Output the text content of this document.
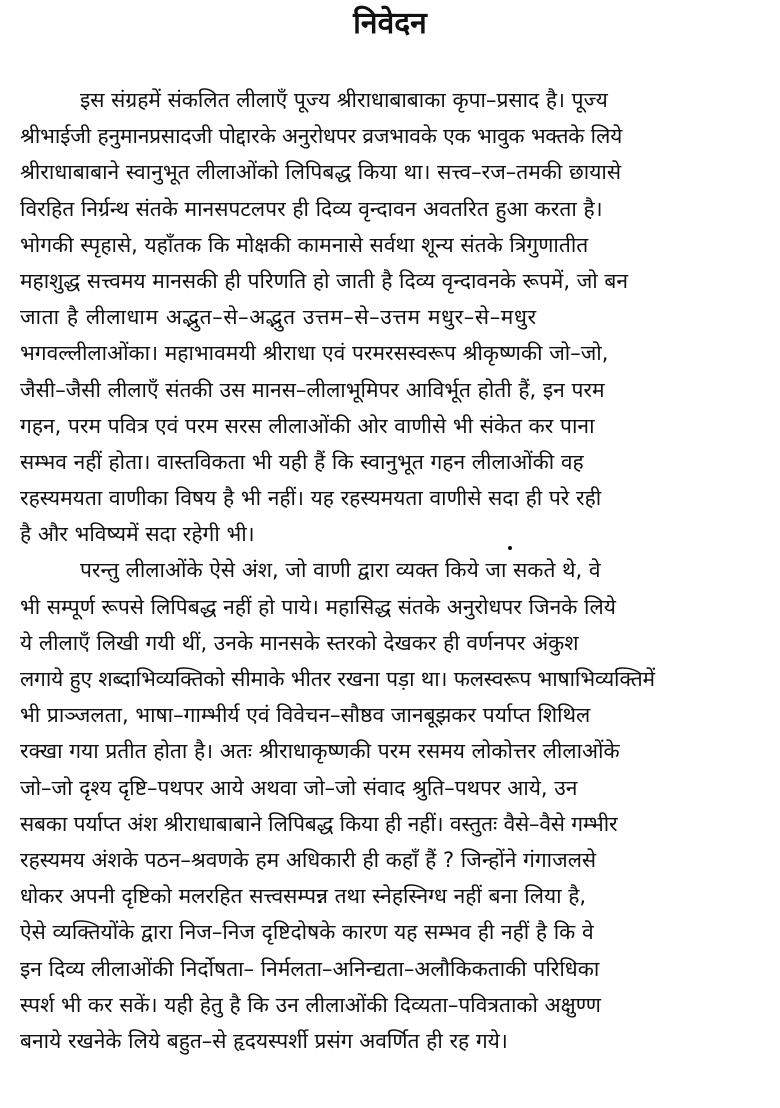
निवेदन
इस संग्रहमें संकलित लीलाएँ पूज्य श्रीराधाबाबाका कृपा–प्रसाद है। पूज्य
श्रीभाईजी हनुमानप्रसादजी पोद्दारके अनुरोधपर व्रजभावके एक भावुक भक्तके लिये
श्रीराधाबाबाने स्वानुभूत लीलाओंको लिपिबद्ध किया था। सत्त्व–रज–तमकी छायासे
विरहित निर्ग्रन्थ संतके मानसपटलपर ही दिव्य वृन्दावन अवतरित हुआ करता है।
भोगकी स्पृहासे, यहाँतक कि मोक्षकी कामनासे सर्वथा शून्य संतके त्रिगुणातीत
महाशुद्ध सत्त्वमय मानसकी ही परिणति हो जाती है दिव्य वृन्दावनके रूपमें, जो बन
जाता है लीलाधाम अद्भुत–से–अद्भुत उत्तम–से–उत्तम मधुर–से–मधुर
भगवल्लीलाओंका। महाभावमयी श्रीराधा एवं परमरसस्वरूप श्रीकृष्णकी जो–जो,
जैसी–जैसी लीलाएँ संतकी उस मानस–लीलाभूमिपर आविर्भूत होती हैं, इन परम
गहन, परम पवित्र एवं परम सरस लीलाओंकी ओर वाणीसे भी संकेत कर पाना
सम्भव नहीं होता। वास्तविकता भी यही हैं कि स्वानुभूत गहन लीलाओंकी वह
रहस्यमयता वाणीका विषय है भी नहीं। यह रहस्यमयता वाणीसे सदा ही परे रही
है और भविष्यमें सदा रहेगी भी।
परन्तु लीलाओंके ऐसे अंश, जो वाणी द्वारा व्यक्त किये जा सकते थे, वे
भी सम्पूर्ण रूपसे लिपिबद्ध नहीं हो पाये। महासिद्ध संतके अनुरोधपर जिनके लिये
ये लीलाएँ लिखी गयी थीं, उनके मानसके स्तरको देखकर ही वर्णनपर अंकुश
लगाये हुए शब्दाभिव्यक्तिको सीमाके भीतर रखना पड़ा था। फलस्वरूप भाषाभिव्यक्तिमें
भी प्राञ्जलता, भाषा–गाम्भीर्य एवं विवेचन–सौष्ठव जानबूझकर पर्याप्त शिथिल
रक्खा गया प्रतीत होता है। अतः श्रीराधाकृष्णकी परम रसमय लोकोत्तर लीलाओंके
जो–जो दृश्य दृष्टि–पथपर आये अथवा जो–जो संवाद श्रुति–पथपर आये, उन
सबका पर्याप्त अंश श्रीराधाबाबाने लिपिबद्ध किया ही नहीं। वस्तुतः वैसे–वैसे गम्भीर
रहस्यमय अंशके पठन–श्रवणके हम अधिकारी ही कहाँ हैं ? जिन्होंने गंगाजलसे
धोकर अपनी दृष्टिको मलरहित सत्त्वसम्पन्न तथा स्नेहस्निग्ध नहीं बना लिया है,
ऐसे व्यक्तियोंके द्वारा निज–निज दृष्टिदोषके कारण यह सम्भव ही नहीं है कि वे
इन दिव्य लीलाओंकी निर्दोषता– निर्मलता–अनिन्द्यता–अलौकिकताकी परिधिका
स्पर्श भी कर सकें। यही हेतु है कि उन लीलाओंकी दिव्यता–पवित्रताको अक्षुण्ण
बनाये रखनेके लिये बहुत–से हृदयस्पर्शी प्रसंग अवर्णित ही रह गये।
